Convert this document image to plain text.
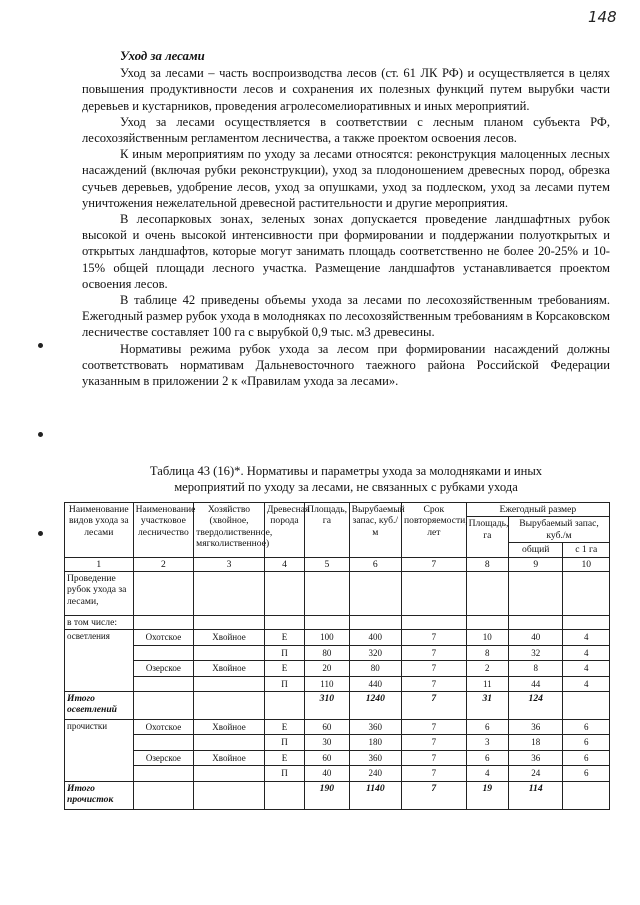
148
Уход за лесами

Уход за лесами – часть воспроизводства лесов (ст. 61 ЛК РФ) и осуществляется в целях повышения продуктивности лесов и сохранения их полезных функций путем вырубки части деревьев и кустарников, проведения агролесомелиоративных и иных мероприятий.

Уход за лесами осуществляется в соответствии с лесным планом субъекта РФ, лесохозяйственным регламентом лесничества, а также проектом освоения лесов.

К иным мероприятиям по уходу за лесами относятся: реконструкция малоценных лесных насаждений (включая рубки реконструкции), уход за плодоношением древесных пород, обрезка сучьев деревьев, удобрение лесов, уход за опушками, уход за подлеском, уход за лесами путем уничтожения нежелательной древесной растительности и другие мероприятия.

В лесопарковых зонах, зеленых зонах допускается проведение ландшафтных рубок высокой и очень высокой интенсивности при формировании и поддержании полуоткрытых и открытых ландшафтов, которые могут занимать площадь соответственно не более 20-25% и 10-15% общей площади лесного участка. Размещение ландшафтов устанавливается проектом освоения лесов.

В таблице 42 приведены объемы ухода за лесами по лесохозяйственным требованиям. Ежегодный размер рубок ухода в молодняках по лесохозяйственным требованиям в Корсаковском лесничестве составляет 100 га с вырубкой 0,9 тыс. м3 древесины.

Нормативы режима рубок ухода за лесом при формировании насаждений должны соответствовать нормативам Дальневосточного таежного района Российской Федерации указанным в приложении 2 к «Правилам ухода за лесами».

Таблица 43 (16)*. Нормативы и параметры ухода за молодняками и иных
мероприятий по уходу за лесами, не связанных с рубками ухода
Наименование видов ухода за лесами	Наименование участковое лесничество	Хозяйство (хвойное, твердолиственное, мягколиственное)	Древесная порода	Площадь, га	Вырубаемый запас, куб./м	Срок повторяемости, лет	Ежегодный размер		
							Площадь, га	Вырубаемый запас, куб./м	
								общий	с 1 га
1	2	3	4	5	6	7	8	9	10
Проведение рубок ухода за лесами,									
в том числе:									
осветления	Охотское	Хвойное	Е	100	400	7	10	40	4
			П	80	320	7	8	32	4
	Озерское	Хвойное	Е	20	80	7	2	8	4
			П	110	440	7	11	44	4
Итого осветлений				310	1240	7	31	124	
прочистки	Охотское	Хвойное	Е	60	360	7	6	36	6
			П	30	180	7	3	18	6
	Озерское	Хвойное	Е	60	360	7	6	36	6
			П	40	240	7	4	24	6
Итого прочисток				190	1140	7	19	114	
